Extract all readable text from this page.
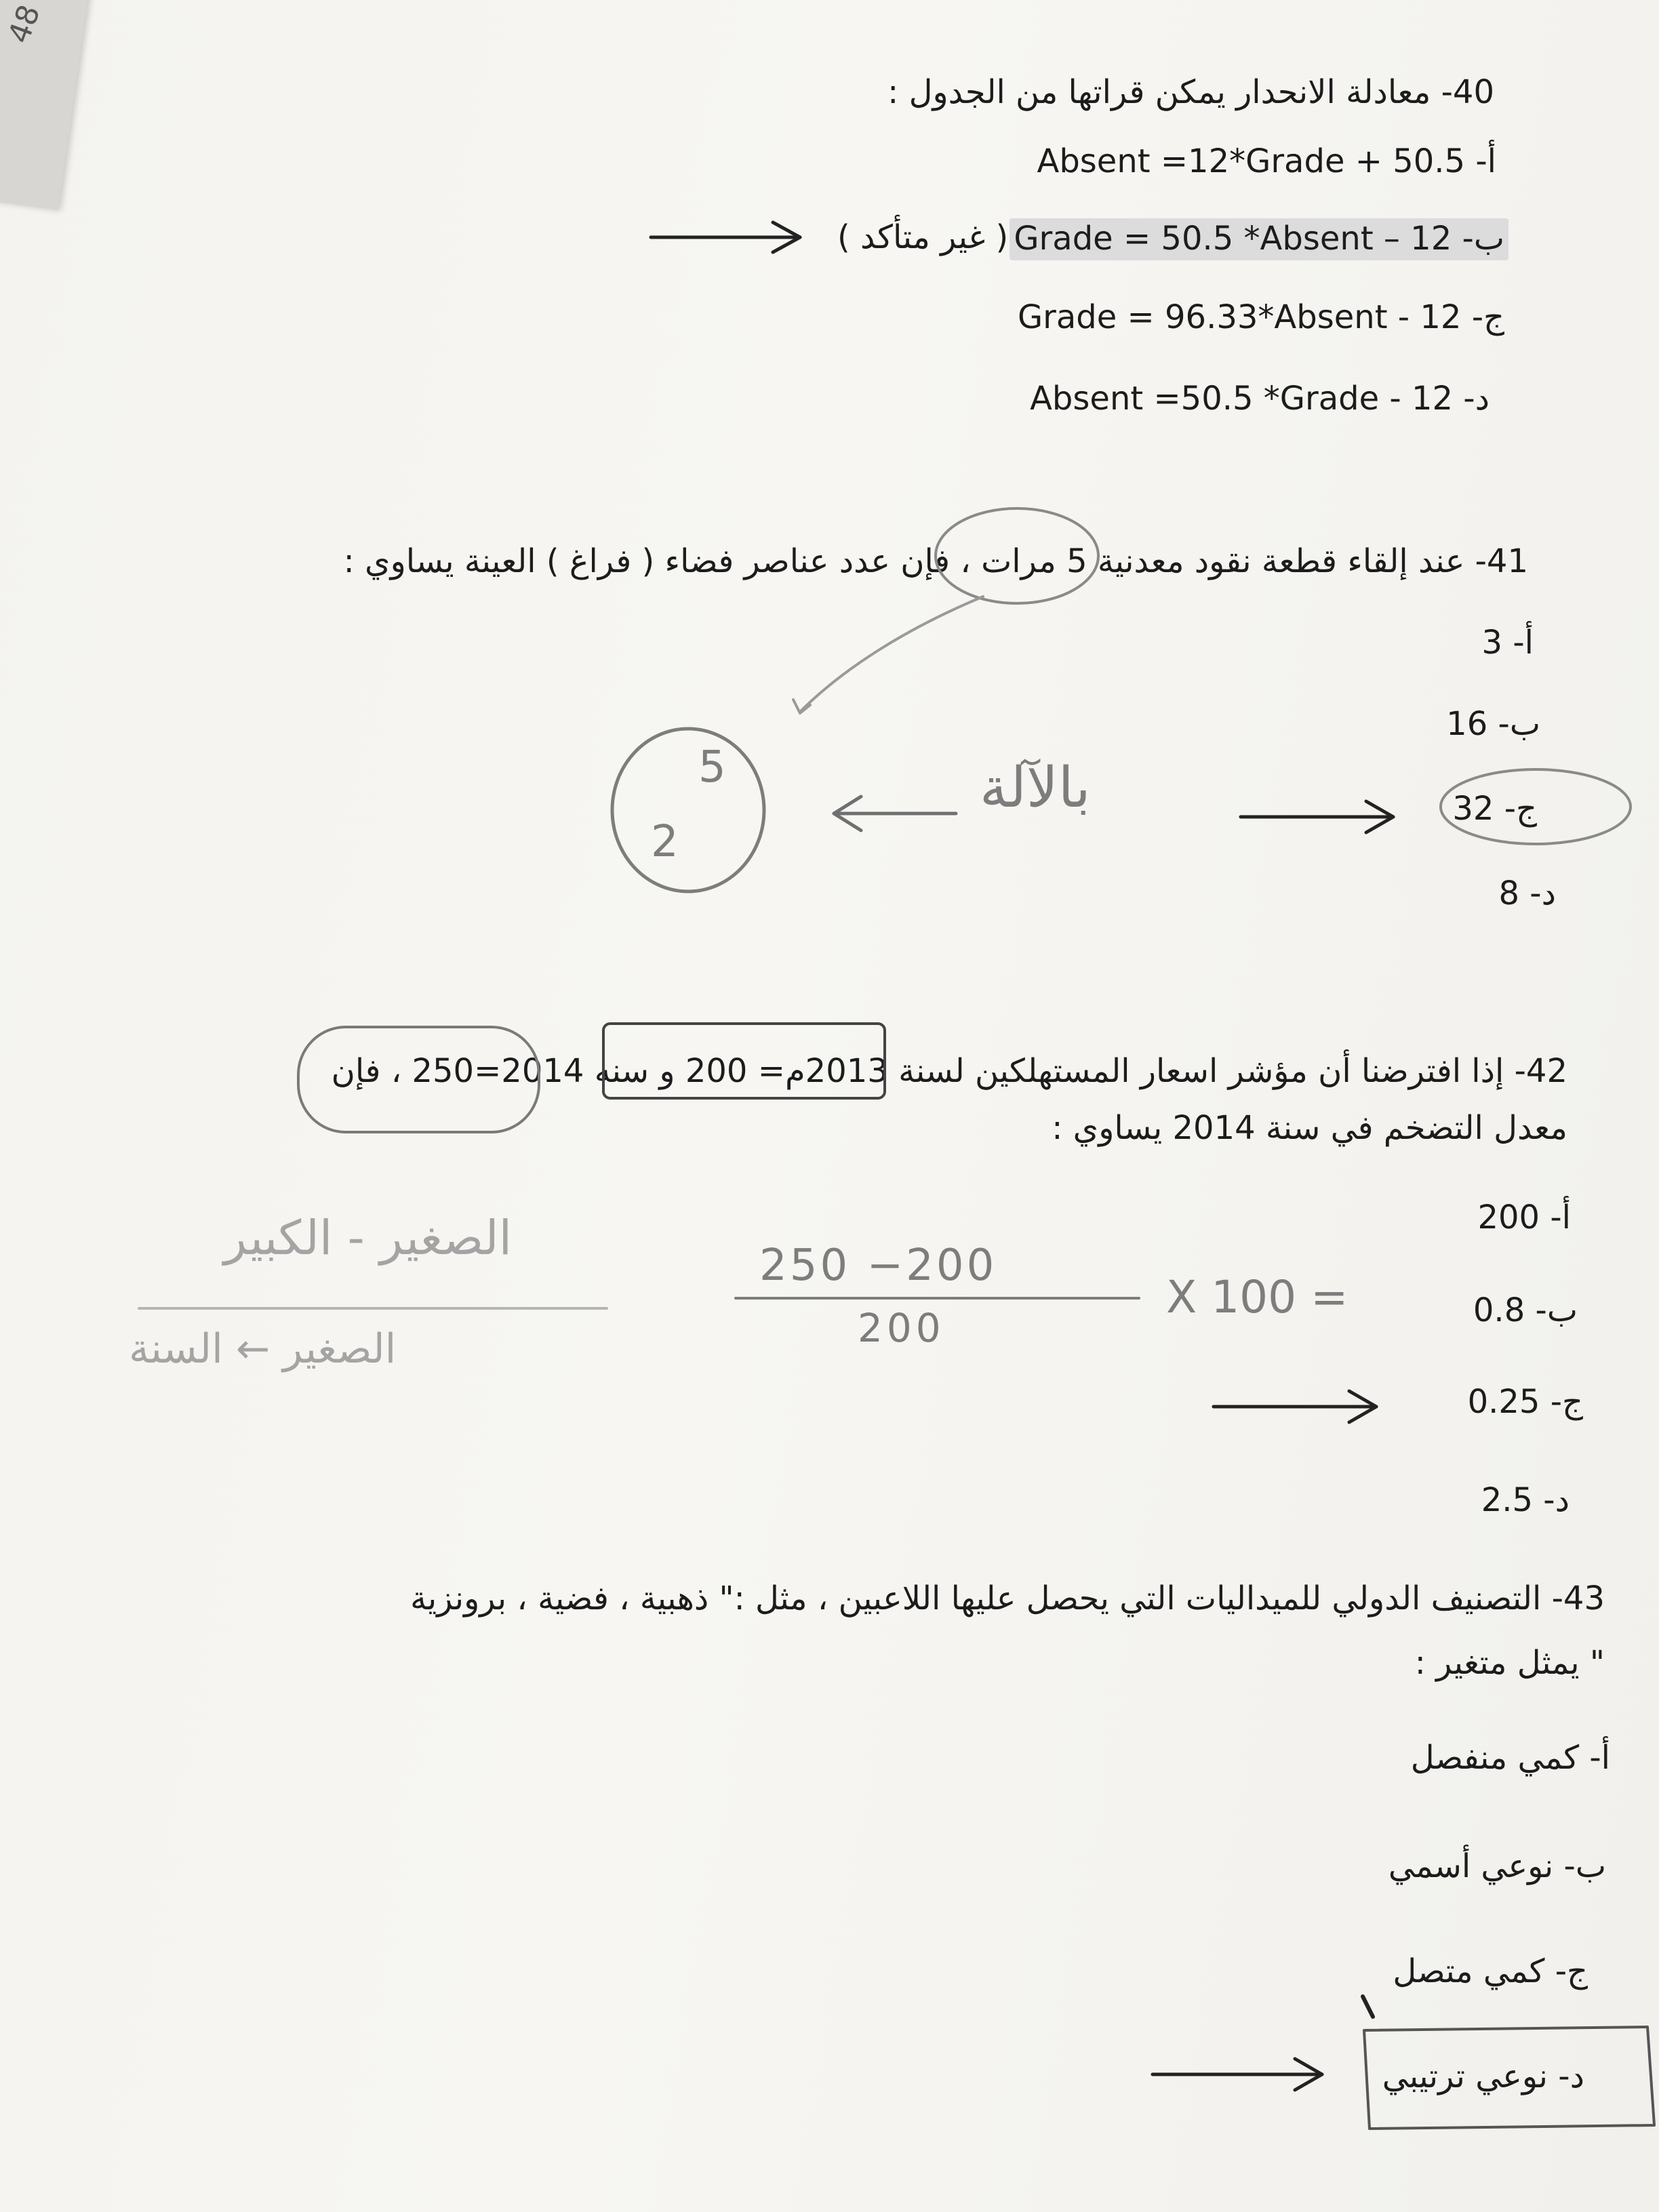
48
40- معادلة الانحدار يمكن قراتها من الجدول :
أ- Absent =12*Grade + 50.5
ب- Grade = 50.5 *Absent – 12
( غير متأكد )
ج- Grade = 96.33*Absent - 12
د- Absent =50.5 *Grade - 12
41- عند إلقاء قطعة نقود معدنية 5 مرات ، فإن عدد عناصر فضاء ( فراغ ) العينة يساوي :
أ- 3
ب- 16
ج- 32
د- 8
بالآلة
2
5
42- إذا افترضنا أن مؤشر اسعار المستهلكين لسنة 2013م= 200 و سنه 2014=250 ، فإن
معدل التضخم في سنة 2014 يساوي :
أ- 200
ب- 0.8
ج- 0.25
د- 2.5
250 −200
200
X 100 =
الصغير - الكبير
الصغير ← السنة
43- التصنيف الدولي للميداليات التي يحصل عليها اللاعبين ، مثل :" ذهبية ، فضية ، برونزية
" يمثل متغير :
أ- كمي منفصل
ب- نوعي أسمي
ج- كمي متصل
د- نوعي ترتيبي
